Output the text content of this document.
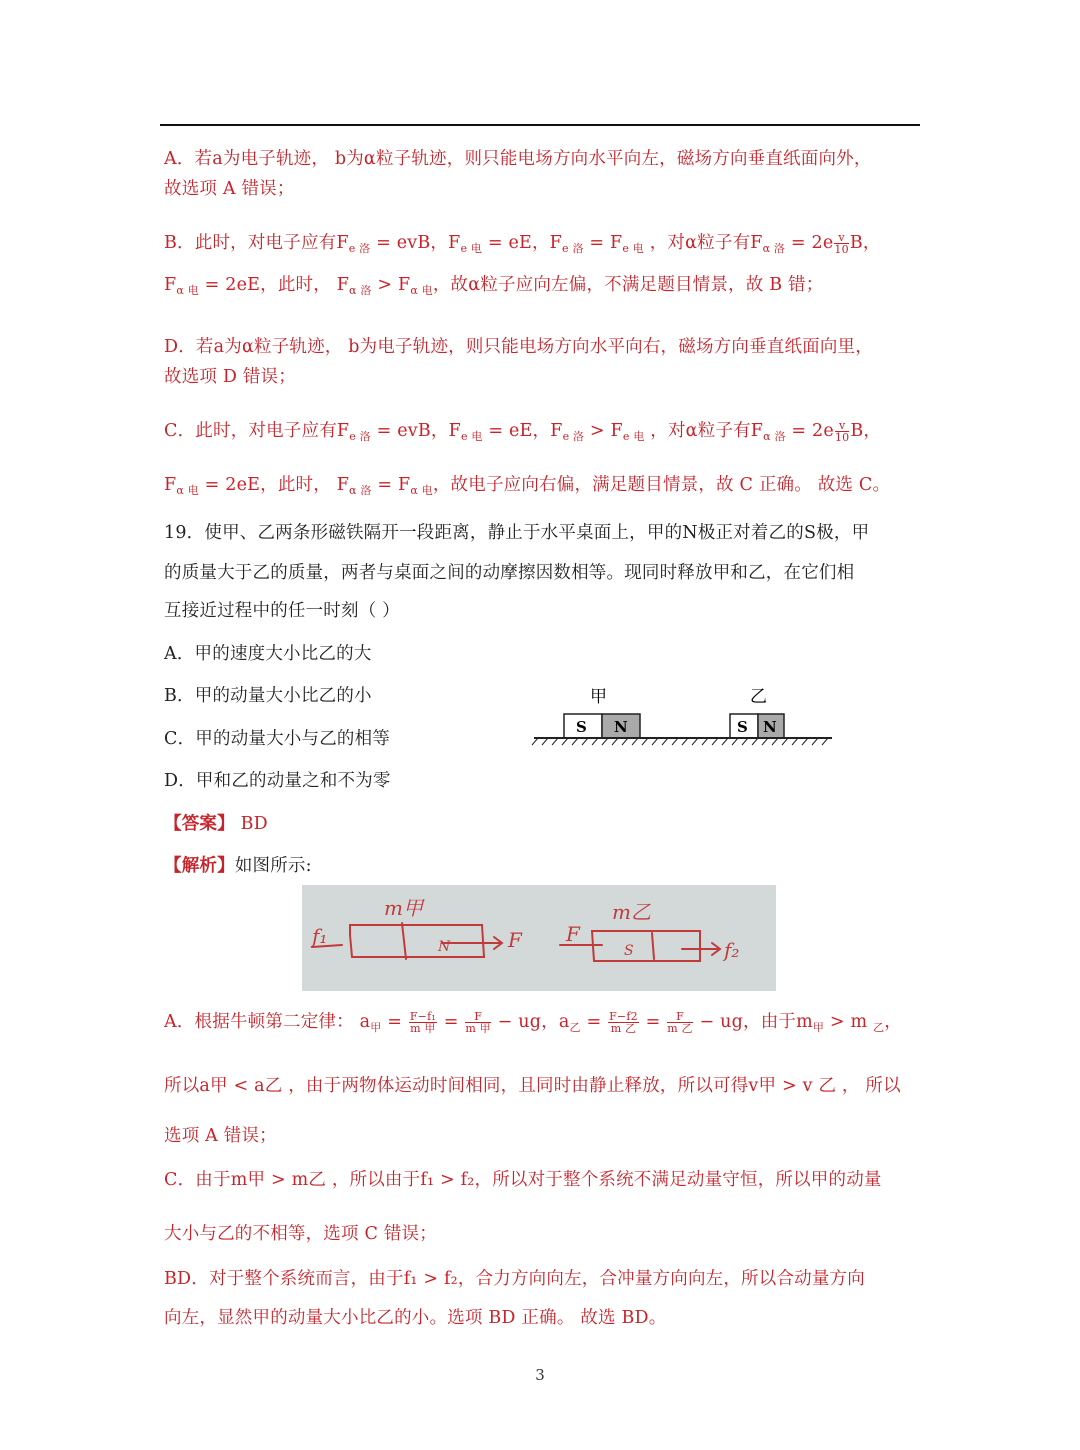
A．若a为电子轨迹， b为α粒子轨迹，则只能电场方向水平向左，磁场方向垂直纸面向外，
故选项 A 错误；
B．此时，对电子应有$F_{e 洛}$ = evB，$F_{e 电}$ = eE，$F_{e 洛} = F_{e 电}$ ，对α粒子有$F_{\alpha 洛} = 2e \frac{v}{10}$ B，
$F_{\alpha 电} = 2eE$，此时， $F_{\alpha 洛} > F_{\alpha 电}$，故α粒子应向左偏，不满足题目情景，故 B 错；
D．若a为α粒子轨迹， b为电子轨迹，则只能电场方向水平向右，磁场方向垂直纸面向里，
故选项 D 错误；
C．此时，对电子应有$F_{e 洛}$ = evB，$F_{e 电}$ = eE，$F_{e 洛} > F_{e 电}$ ，对α粒子有$F_{\alpha 洛} = 2e \frac{v}{10}$ B，
$F_{\alpha 电} = 2eE$，此时， $F_{\alpha 洛} = F_{\alpha 电}$，故电子应向右偏，满足题目情景，故 C 正确。 故选 C。
19．使甲、乙两条形磁铁隔开一段距离，静止于水平桌面上，甲的N极正对着乙的S极，甲
的质量大于乙的质量，两者与桌面之间的动摩擦因数相等。现同时释放甲和乙，在它们相
互接近过程中的任一时刻（ ）
A．甲的速度大小比乙的大
B．甲的动量大小比乙的小
C．甲的动量大小与乙的相等
D．甲和乙的动量之和不为零
甲	乙
S N	S N
【答案】 BD
【解析】如图所示:
m甲	m乙
f₁	F F
N	S	f₂
A．根据牛顿第二定律： $a_甲 = \frac{\text{F−f₁}}{\text{m 甲}} = \frac{F}{\text{m 甲}}$ − ug，$a_乙 = \frac{F-f2}{\text{m 乙}} = \frac{F}{\text{m 乙}}$ − ug，由于$m_甲 > m$ $_乙$，
所以a甲 < a乙 ，由于两物体运动时间相同，且同时由静止释放，所以可得v甲 > v 乙 ， 所以
选项 A 错误；
C．由于m甲 > m乙 ，所以由于f₁ > f₂，所以对于整个系统不满足动量守恒，所以甲的动量
大小与乙的不相等，选项 C 错误；
BD．对于整个系统而言，由于f₁ > f₂，合力方向向左，合冲量方向向左，所以合动量方向
向左，显然甲的动量大小比乙的小。选项 BD 正确。 故选 BD。
3
